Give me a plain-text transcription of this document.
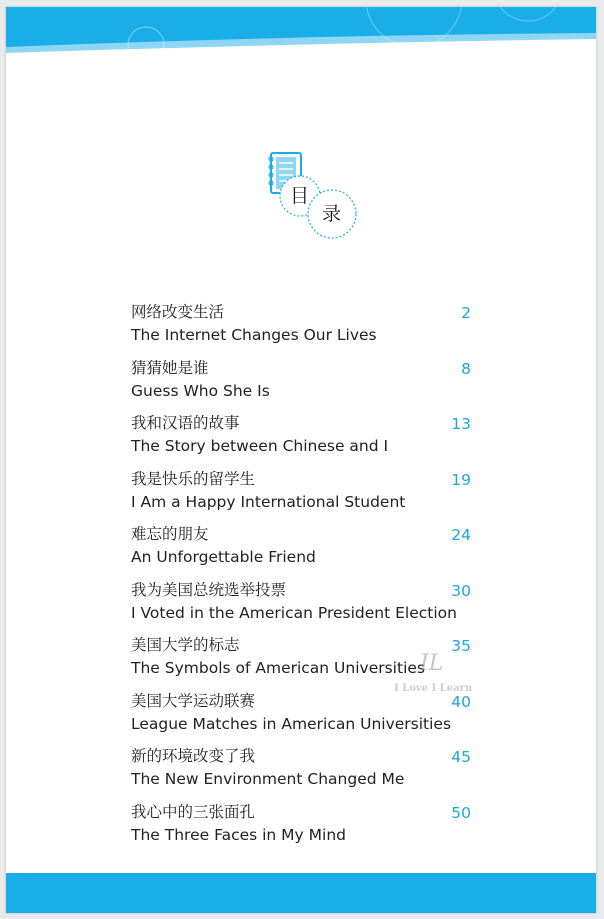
目
录
网络改变生活
The Internet Changes Our Lives
2
猜猜她是谁
Guess Who She Is
8
我和汉语的故事
The Story between Chinese and I
13
我是快乐的留学生
I Am a Happy International Student
19
难忘的朋友
An Unforgettable Friend
24
我为美国总统选举投票
I Voted in the American President Election
30
美国大学的标志
The Symbols of American Universities
35
美国大学运动联赛
League Matches in American Universities
40
新的环境改变了我
The New Environment Changed Me
45
我心中的三张面孔
The Three Faces in My Mind
50
IL
I Love I Learn
